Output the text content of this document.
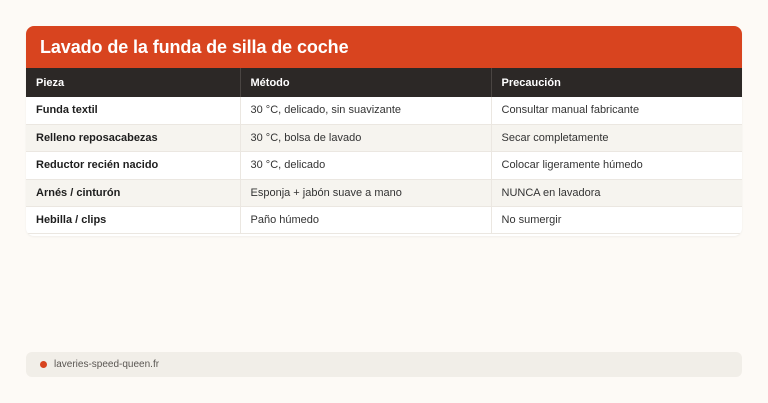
Lavado de la funda de silla de coche
Pieza	Método	Precaución
Funda textil	30 °C, delicado, sin suavizante	Consultar manual fabricante
Relleno reposacabezas	30 °C, bolsa de lavado	Secar completamente
Reductor recién nacido	30 °C, delicado	Colocar ligeramente húmedo
Arnés / cinturón	Esponja + jabón suave a mano	NUNCA en lavadora
Hebilla / clips	Paño húmedo	No sumergir
laveries-speed-queen.fr
